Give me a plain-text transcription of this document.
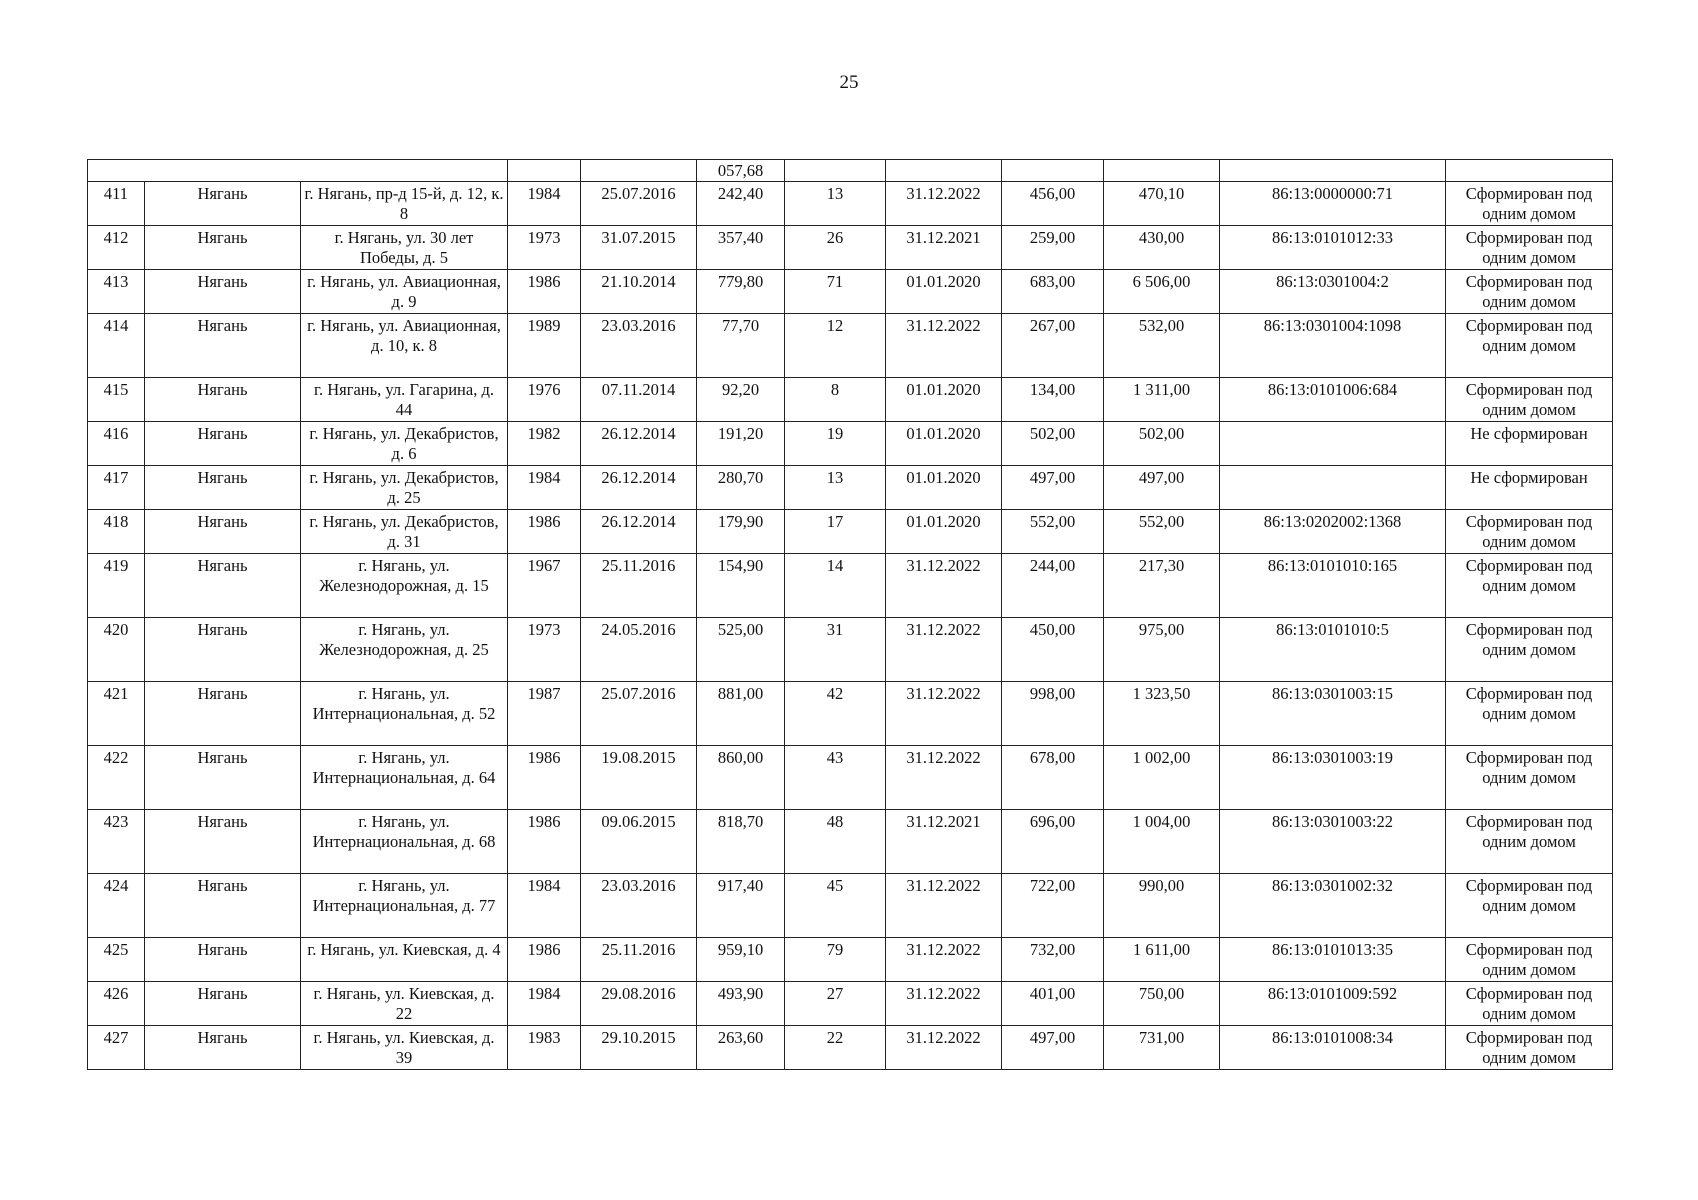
25
					057,68						
411	Нягань	г. Нягань, пр-д 15-й, д. 12, к. 8	1984	25.07.2016	242,40	13	31.12.2022	456,00	470,10	86:13:0000000:71	Сформирован под одним домом
412	Нягань	г. Нягань, ул. 30 лет Победы, д. 5	1973	31.07.2015	357,40	26	31.12.2021	259,00	430,00	86:13:0101012:33	Сформирован под одним домом
413	Нягань	г. Нягань, ул. Авиационная, д. 9	1986	21.10.2014	779,80	71	01.01.2020	683,00	6 506,00	86:13:0301004:2	Сформирован под одним домом
414	Нягань	г. Нягань, ул. Авиационная, д. 10, к. 8	1989	23.03.2016	77,70	12	31.12.2022	267,00	532,00	86:13:0301004:1098	Сформирован под одним домом
415	Нягань	г. Нягань, ул. Гагарина, д. 44	1976	07.11.2014	92,20	8	01.01.2020	134,00	1 311,00	86:13:0101006:684	Сформирован под одним домом
416	Нягань	г. Нягань, ул. Декабристов, д. 6	1982	26.12.2014	191,20	19	01.01.2020	502,00	502,00		Не сформирован
417	Нягань	г. Нягань, ул. Декабристов, д. 25	1984	26.12.2014	280,70	13	01.01.2020	497,00	497,00		Не сформирован
418	Нягань	г. Нягань, ул. Декабристов, д. 31	1986	26.12.2014	179,90	17	01.01.2020	552,00	552,00	86:13:0202002:1368	Сформирован под одним домом
419	Нягань	г. Нягань, ул. Железнодорожная, д. 15	1967	25.11.2016	154,90	14	31.12.2022	244,00	217,30	86:13:0101010:165	Сформирован под одним домом
420	Нягань	г. Нягань, ул. Железнодорожная, д. 25	1973	24.05.2016	525,00	31	31.12.2022	450,00	975,00	86:13:0101010:5	Сформирован под одним домом
421	Нягань	г. Нягань, ул. Интернациональная, д. 52	1987	25.07.2016	881,00	42	31.12.2022	998,00	1 323,50	86:13:0301003:15	Сформирован под одним домом
422	Нягань	г. Нягань, ул. Интернациональная, д. 64	1986	19.08.2015	860,00	43	31.12.2022	678,00	1 002,00	86:13:0301003:19	Сформирован под одним домом
423	Нягань	г. Нягань, ул. Интернациональная, д. 68	1986	09.06.2015	818,70	48	31.12.2021	696,00	1 004,00	86:13:0301003:22	Сформирован под одним домом
424	Нягань	г. Нягань, ул. Интернациональная, д. 77	1984	23.03.2016	917,40	45	31.12.2022	722,00	990,00	86:13:0301002:32	Сформирован под одним домом
425	Нягань	г. Нягань, ул. Киевская, д. 4	1986	25.11.2016	959,10	79	31.12.2022	732,00	1 611,00	86:13:0101013:35	Сформирован под одним домом
426	Нягань	г. Нягань, ул. Киевская, д. 22	1984	29.08.2016	493,90	27	31.12.2022	401,00	750,00	86:13:0101009:592	Сформирован под одним домом
427	Нягань	г. Нягань, ул. Киевская, д. 39	1983	29.10.2015	263,60	22	31.12.2022	497,00	731,00	86:13:0101008:34	Сформирован под одним домом
